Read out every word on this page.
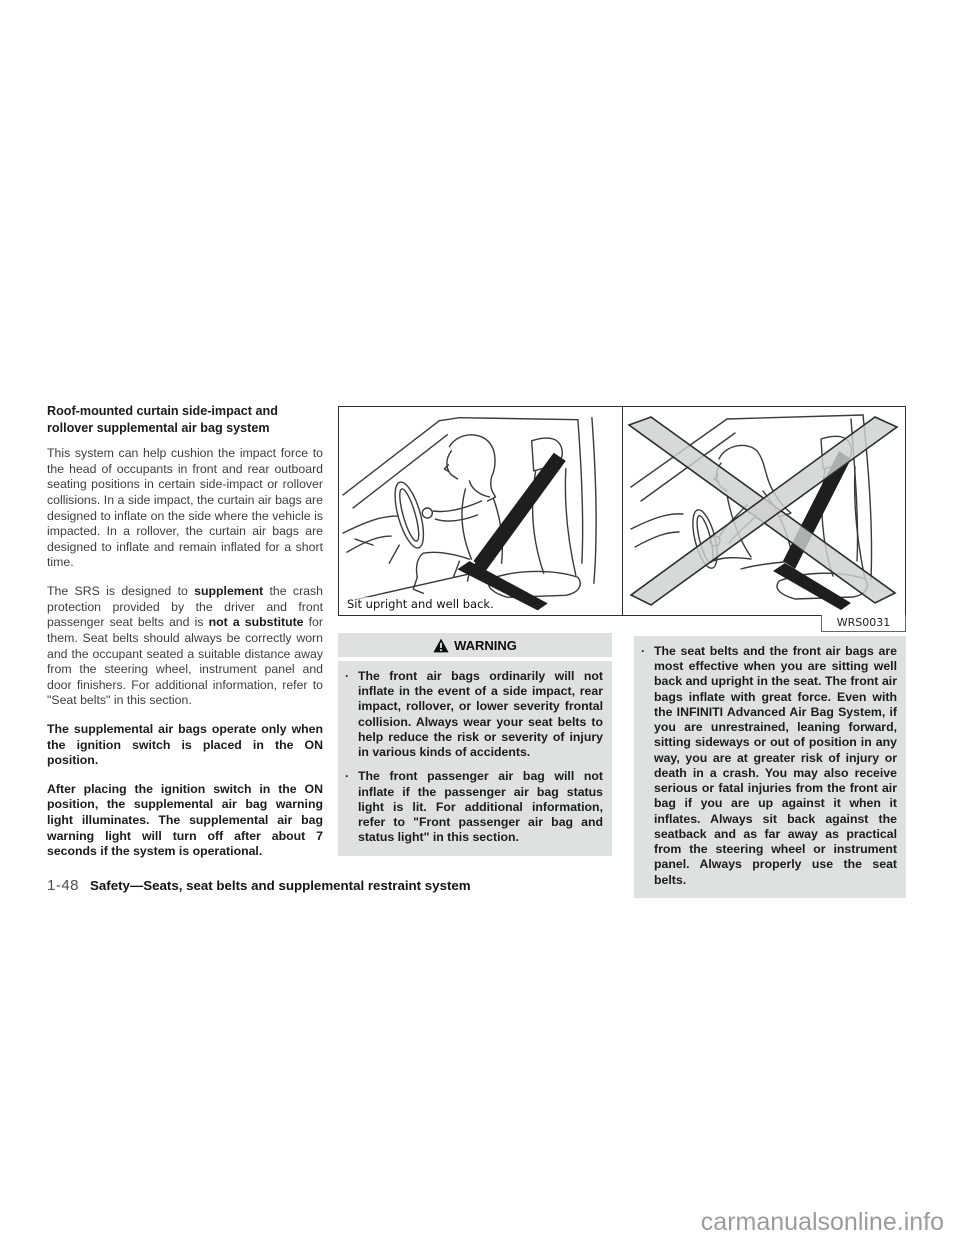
Roof-mounted curtain side-impact and rollover supplemental air bag system

This system can help cushion the impact force to the head of occupants in front and rear outboard seating positions in certain side-impact or rollover collisions. In a side impact, the curtain air bags are designed to inflate on the side where the vehicle is impacted. In a rollover, the curtain air bags are designed to inflate and remain inflated for a short time.

The SRS is designed to supplement the crash protection provided by the driver and front passenger seat belts and is not a substitute for them. Seat belts should always be correctly worn and the occupant seated a suitable distance away from the steering wheel, instrument panel and door finishers. For additional information, refer to "Seat belts" in this section.

The supplemental air bags operate only when the ignition switch is placed in the ON position.

After placing the ignition switch in the ON position, the supplemental air bag warning light illuminates. The supplemental air bag warning light will turn off after about 7 seconds if the system is operational.

Sit upright and well back.
WRS0031
WARNING
· The front air bags ordinarily will not inflate in the event of a side impact, rear impact, rollover, or lower severity frontal collision. Always wear your seat belts to help reduce the risk or severity of injury in various kinds of accidents.
· The front passenger air bag will not inflate if the passenger air bag status light is lit. For additional information, refer to "Front passenger air bag and status light" in this section.
· The seat belts and the front air bags are most effective when you are sitting well back and upright in the seat. The front air bags inflate with great force. Even with the INFINITI Advanced Air Bag System, if you are unrestrained, leaning forward, sitting sideways or out of position in any way, you are at greater risk of injury or death in a crash. You may also receive serious or fatal injuries from the front air bag if you are up against it when it inflates. Always sit back against the seatback and as far away as practical from the steering wheel or instrument panel. Always properly use the seat belts.
1-48 Safety—Seats, seat belts and supplemental restraint system
carmanualsonline.info
